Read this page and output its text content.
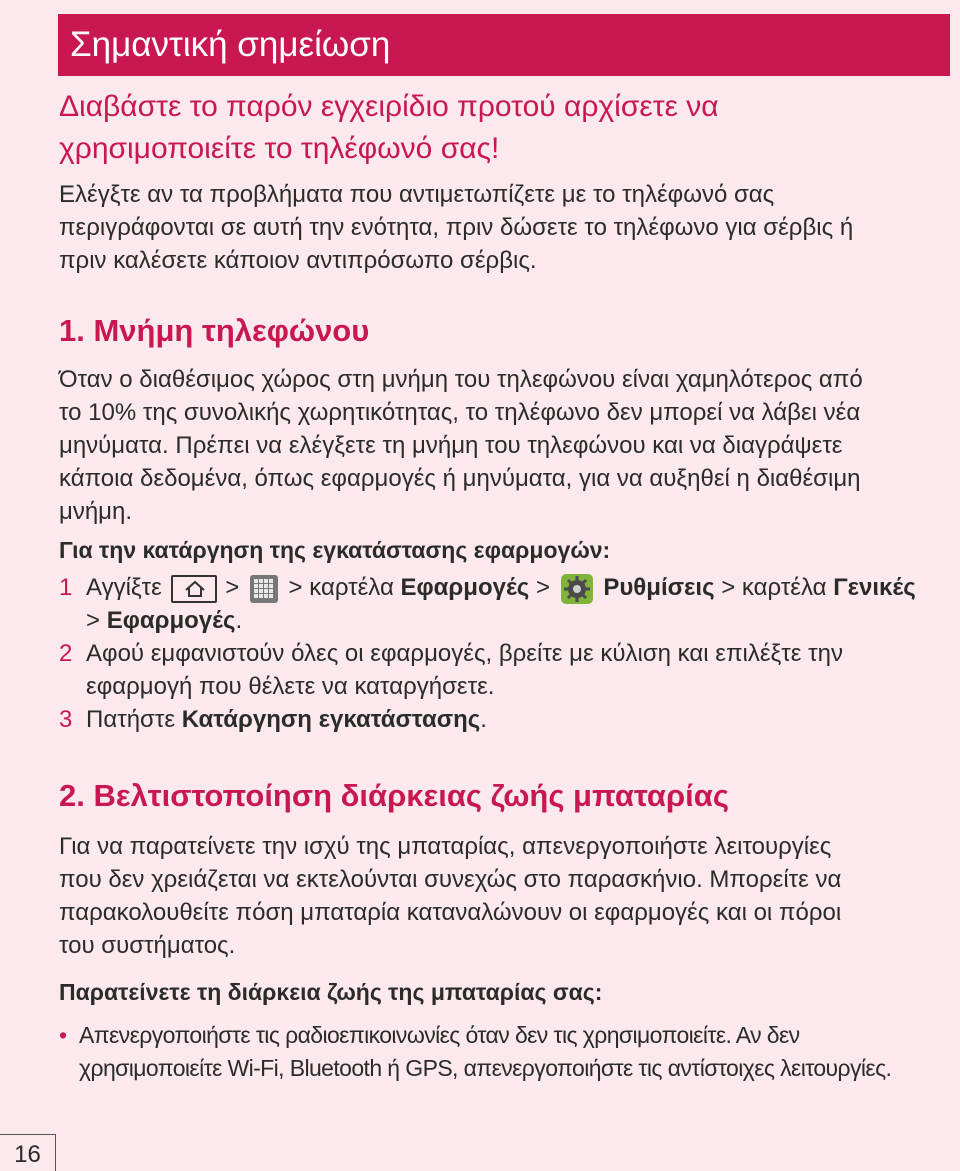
Σημαντική σημείωση
Διαβάστε το παρόν εγχειρίδιο προτού αρχίσετε να
χρησιμοποιείτε το τηλέφωνό σας!
Ελέγξτε αν τα προβλήματα που αντιμετωπίζετε με το τηλέφωνό σας
περιγράφονται σε αυτή την ενότητα, πριν δώσετε το τηλέφωνο για σέρβις ή
πριν καλέσετε κάποιον αντιπρόσωπο σέρβις.
1. Μνήμη τηλεφώνου
Όταν ο διαθέσιμος χώρος στη μνήμη του τηλεφώνου είναι χαμηλότερος από
το 10% της συνολικής χωρητικότητας, το τηλέφωνο δεν μπορεί να λάβει νέα
μηνύματα. Πρέπει να ελέγξετε τη μνήμη του τηλεφώνου και να διαγράψετε
κάποια δεδομένα, όπως εφαρμογές ή μηνύματα, για να αυξηθεί η διαθέσιμη
μνήμη.
Για την κατάργηση της εγκατάστασης εφαρμογών:
1 Αγγίξτε	> > καρτέλα Εφαρμογές > Ρυθμίσεις > καρτέλα Γενικές
> Εφαρμογές.
2 Αφού εμφανιστούν όλες οι εφαρμογές, βρείτε με κύλιση και επιλέξτε την
εφαρμογή που θέλετε να καταργήσετε.
3 Πατήστε Κατάργηση εγκατάστασης.
2. Βελτιστοποίηση διάρκειας ζωής μπαταρίας
Για να παρατείνετε την ισχύ της μπαταρίας, απενεργοποιήστε λειτουργίες
που δεν χρειάζεται να εκτελούνται συνεχώς στο παρασκήνιο. Μπορείτε να
παρακολουθείτε πόση μπαταρία καταναλώνουν οι εφαρμογές και οι πόροι
του συστήματος.
Παρατείνετε τη διάρκεια ζωής της μπαταρίας σας:
• Απενεργοποιήστε τις ραδιοεπικοινωνίες όταν δεν τις χρησιμοποιείτε. Αν δεν
χρησιμοποιείτε Wi-Fi, Bluetooth ή GPS, απενεργοποιήστε τις αντίστοιχες λειτουργίες.
16
